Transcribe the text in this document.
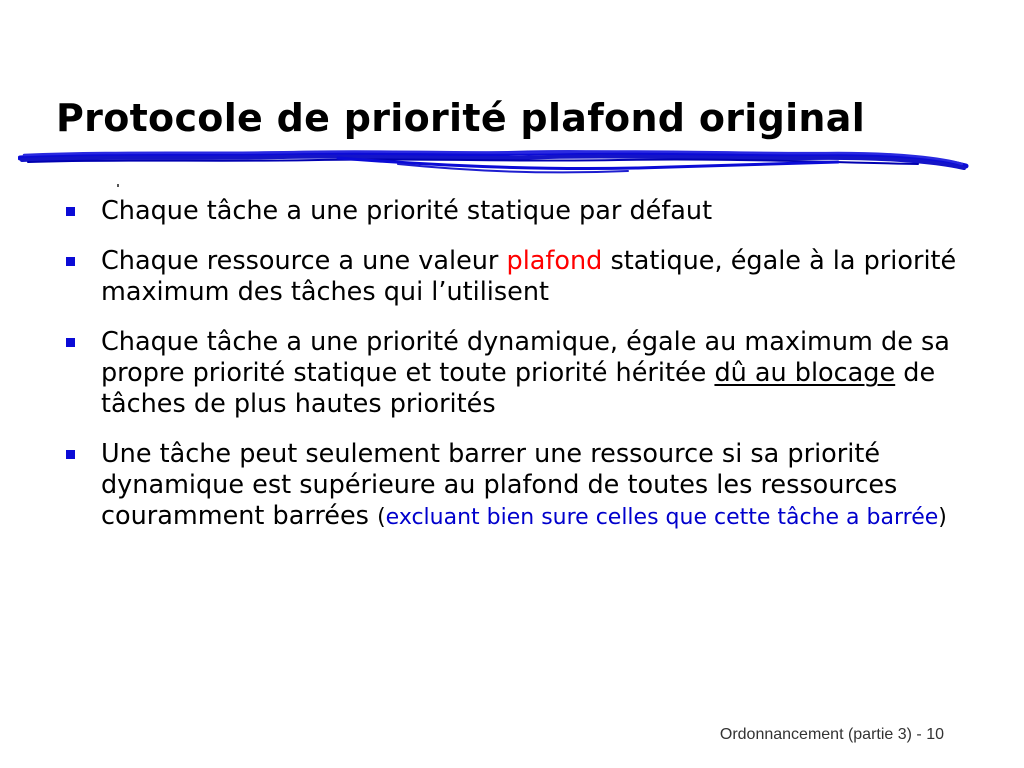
Protocole de priorité plafond original
Chaque tâche a une priorité statique par défaut
Chaque ressource a une valeur plafond statique, égale à la priorité maximum des tâches qui l’utilisent
Chaque tâche a une priorité dynamique, égale au maximum de sa propre priorité statique et toute priorité héritée dû au blocage de tâches de plus hautes priorités
Une tâche peut seulement barrer une ressource si sa priorité dynamique est supérieure au plafond de toutes les ressources couramment barrées (excluant bien sure celles que cette tâche a barrée)
Ordonnancement (partie 3) - 10
